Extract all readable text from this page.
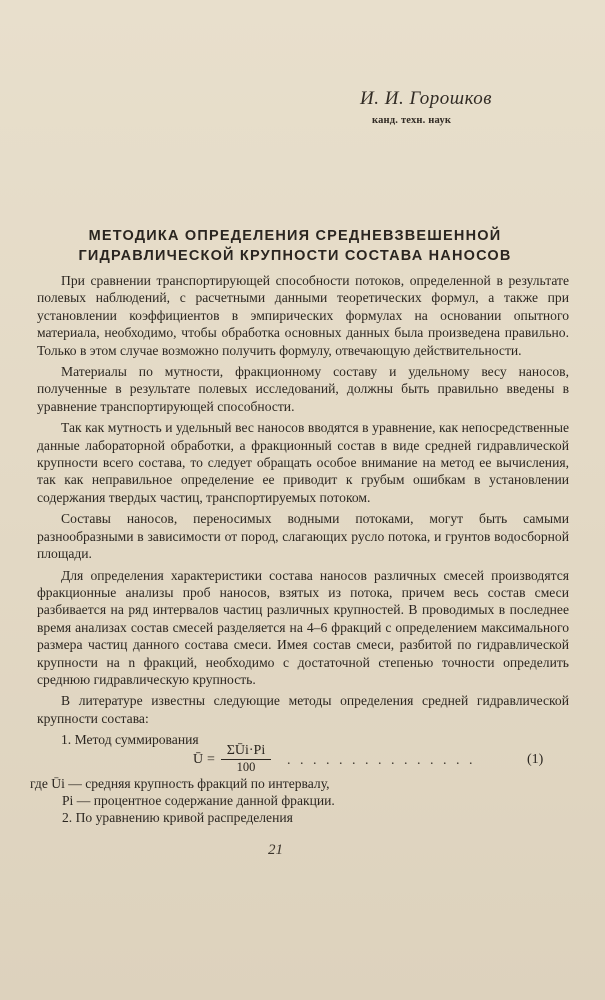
И. И. Горошков
канд. техн. наук
МЕТОДИКА ОПРЕДЕЛЕНИЯ СРЕДНЕВЗВЕШЕННОЙ
ГИДРАВЛИЧЕСКОЙ КРУПНОСТИ СОСТАВА НАНОСОВ

При сравнении транспортирующей способности потоков, определенной в результате полевых наблюдений, с расчетными данными теоретических формул, а также при установлении коэффициентов в эмпирических формулах на основании опытного материала, необходимо, чтобы обработка основных данных была произведена правильно. Только в этом случае возможно получить формулу, отвечающую действительности.

Материалы по мутности, фракционному составу и удельному весу наносов, полученные в результате полевых исследований, должны быть правильно введены в уравнение транспортирующей способности.

Так как мутность и удельный вес наносов вводятся в уравнение, как непосредственные данные лабораторной обработки, а фракционный состав в виде средней гидравлической крупности всего состава, то следует обращать особое внимание на метод ее вычисления, так как неправильное определение ее приводит к грубым ошибкам в установлении содержания твердых частиц, транспортируемых потоком.

Составы наносов, переносимых водными потоками, могут быть самыми разнообразными в зависимости от пород, слагающих русло потока, и грунтов водосборной площади.

Для определения характеристики состава наносов различных смесей производятся фракционные анализы проб наносов, взятых из потока, причем весь состав смеси разбивается на ряд интервалов частиц различных крупностей. В проводимых в последнее время анализах состав смесей разделяется на 4–6 фракций с определением максимального размера частиц данного состава смеси. Имея состав смеси, разбитой по гидравлической крупности на n фракций, необходимо с достаточной степенью точности определить среднюю гидравлическую крупность.

В литературе известны следующие методы определения средней гидравлической крупности состава:

1. Метод суммирования

Ū =
ΣŪi·Pi
100	. . . . . . . . . . . . . . .	(1)
где Ūi — средняя крупность фракций по интервалу,
Pi — процентное содержание данной фракции.
2. По уравнению кривой распределения
21
